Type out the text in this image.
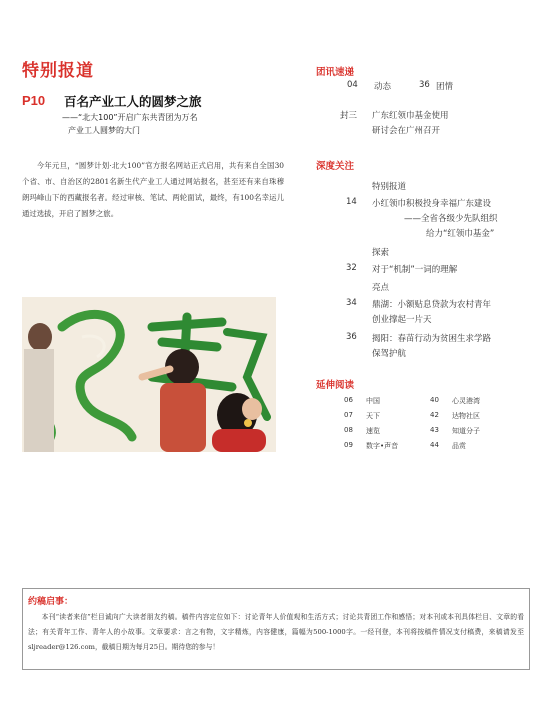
特别报道
P10 百名产业工人的圆梦之旅
——“北大100”开启广东共青团为万名
产业工人圆梦的大门
今年元旦，“圆梦计划·北大100”官方报名网站正式启用，共有来自全国30个省、市、自治区的2801名新生代产业工人通过网站报名，甚至还有来自珠穆朗玛峰山下的西藏报名者。经过审核、笔试、两轮面试，最终，有100名幸运儿通过选拔，开启了圆梦之旅。
团讯速递
04 动态	36 团情
封三 广东红领巾基金使用
研讨会在广州召开
深度关注
特别报道
14 小红领巾积极投身幸福广东建设
——全省各级少先队组织
给力“红领巾基金”
探索
32 对于“机制”一词的理解
亮点
34 鼎湖：小额贴息贷款为农村青年
创业撑起一片天
36 揭阳：春苗行动为贫困生求学路
保驾护航
延伸阅读
06 中国	40 心灵港湾
07 天下	42 达物社区
08 速览	43 知道分子
09 数字•声音	44 品赏
约稿启事：
本刊“读者来信”栏目诚向广大读者朋友约稿。稿件内容定位如下：讨论青年人价值观和生活方式；讨论共青团工作和感悟；对本刊或本刊具体栏目、文章的看法；有关青年工作、青年人的小故事。文章要求：言之有物，文字精炼，内容健康，篇幅为500-1000字。一经刊登，本刊将按稿件情况支付稿费，来稿请发至sljreader@126.com，截稿日期为每月25日。期待您的参与！
